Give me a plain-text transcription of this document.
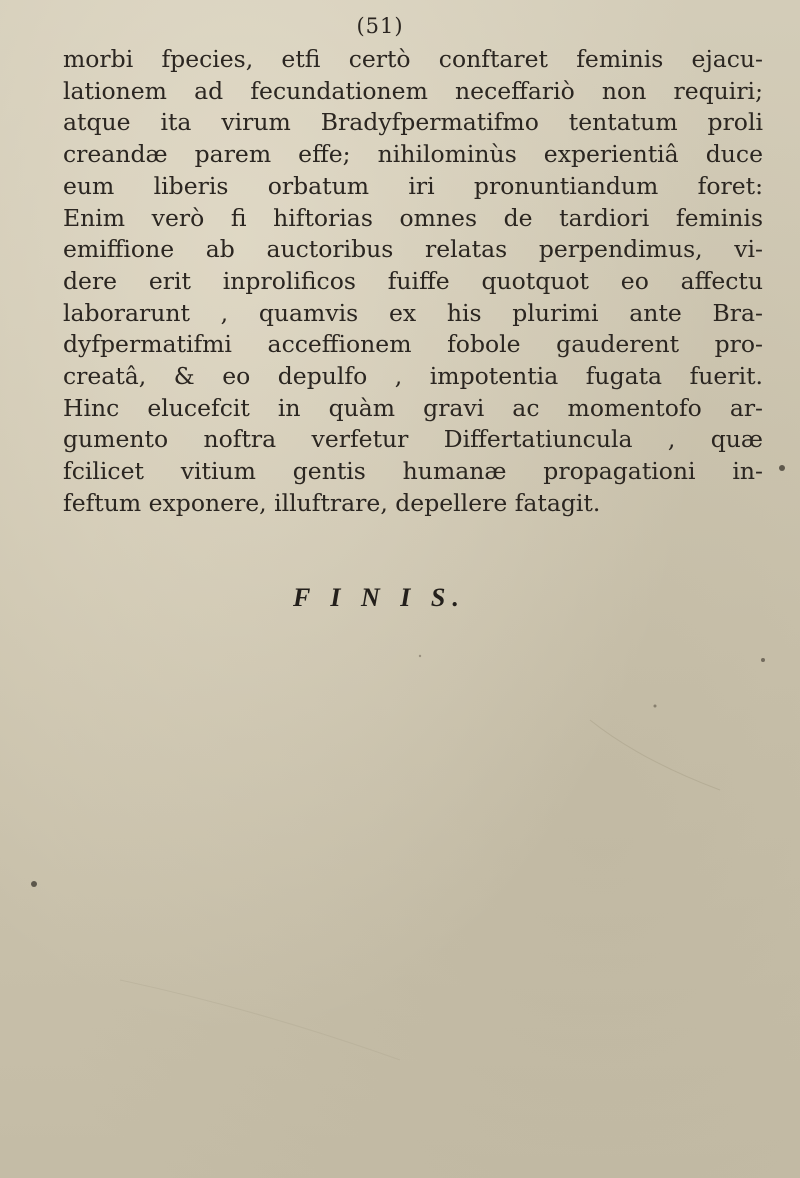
(51)
morbi fpecies, etfi certò conftaret feminis ejacu-
lationem ad fecundationem neceffariò non requiri;
atque ita virum Bradyfpermatifmo tentatum proli
creandæ parem effe; nihilominùs experientiâ duce
eum liberis orbatum iri pronuntiandum foret:
Enim verò fi hiftorias omnes de tardiori feminis
emiffione ab auctoribus relatas perpendimus, vi-
dere erit inprolificos fuiffe quotquot eo affectu
laborarunt , quamvis ex his plurimi ante Bra-
dyfpermatifmi acceffionem fobole gauderent pro-
creatâ, & eo depulfo , impotentia fugata fuerit.
Hinc elucefcit in quàm gravi ac momentofo ar-
gumento noftra verfetur Differtatiuncula , quæ
fcilicet vitium gentis humanæ propagationi in-
feftum exponere, illuftrare, depellere fatagit.
F I N I S.
